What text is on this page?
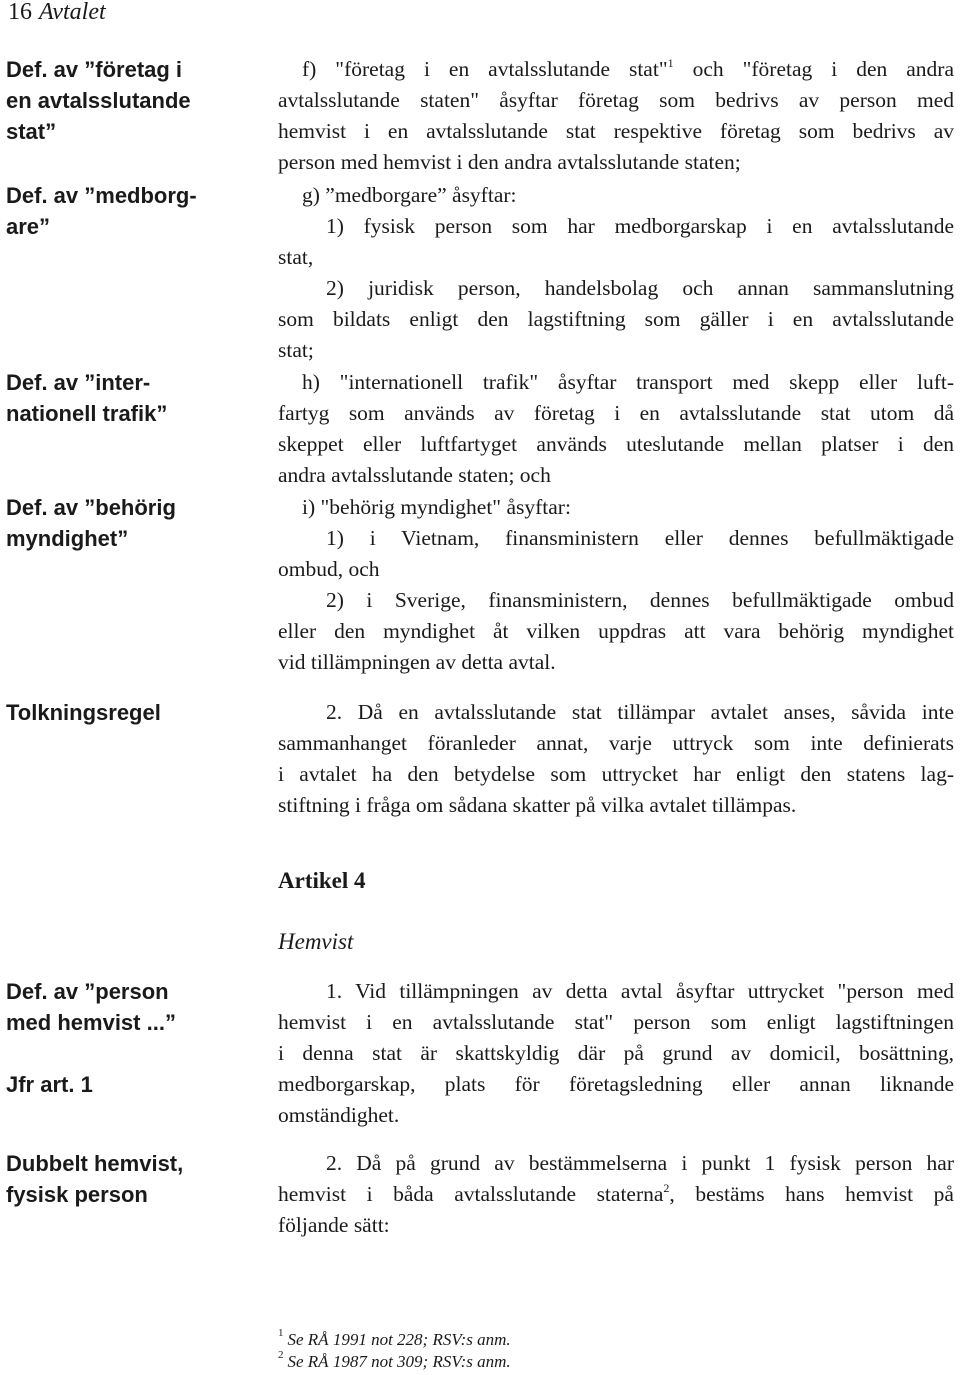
16 Avtalet
Def. av ”företag i
en avtalsslutande
stat”
Def. av ”medborg-
are”
Def. av ”inter-
nationell trafik”
Def. av ”behörig
myndighet”
Tolkningsregel
Def. av ”person
med hemvist ...”
Jfr art. 1
Dubbelt hemvist,
fysisk person
f) "företag i en avtalsslutande stat"$^1$ och "företag i den andra
avtalsslutande staten" åsyftar företag som bedrivs av person med
hemvist i en avtalsslutande stat respektive företag som bedrivs av
person med hemvist i den andra avtalsslutande staten;
g) ”medborgare” åsyftar:
1) fysisk person som har medborgarskap i en avtalsslutande
stat,
2) juridisk person, handelsbolag och annan sammanslutning
som bildats enligt den lagstiftning som gäller i en avtalsslutande
stat;
h) "internationell trafik" åsyftar transport med skepp eller luft-
fartyg som används av företag i en avtalsslutande stat utom då
skeppet eller luftfartyget används uteslutande mellan platser i den
andra avtalsslutande staten; och
i) "behörig myndighet" åsyftar:
1) i Vietnam, finansministern eller dennes befullmäktigade
ombud, och
2) i Sverige, finansministern, dennes befullmäktigade ombud
eller den myndighet åt vilken uppdras att vara behörig myndighet
vid tillämpningen av detta avtal.
2. Då en avtalsslutande stat tillämpar avtalet anses, såvida inte
sammanhanget föranleder annat, varje uttryck som inte definierats
i avtalet ha den betydelse som uttrycket har enligt den statens lag-
stiftning i fråga om sådana skatter på vilka avtalet tillämpas.
Artikel 4
Hemvist
1. Vid tillämpningen av detta avtal åsyftar uttrycket "person med
hemvist i en avtalsslutande stat" person som enligt lagstiftningen
i denna stat är skattskyldig där på grund av domicil, bosättning,
medborgarskap, plats för företagsledning eller annan liknande
omständighet.
2. Då på grund av bestämmelserna i punkt 1 fysisk person har
hemvist i båda avtalsslutande staterna$^2$, bestäms hans hemvist på
följande sätt:
$^1$ Se RÅ 1991 not 228; RSV:s anm.
$^2$ Se RÅ 1987 not 309; RSV:s anm.
